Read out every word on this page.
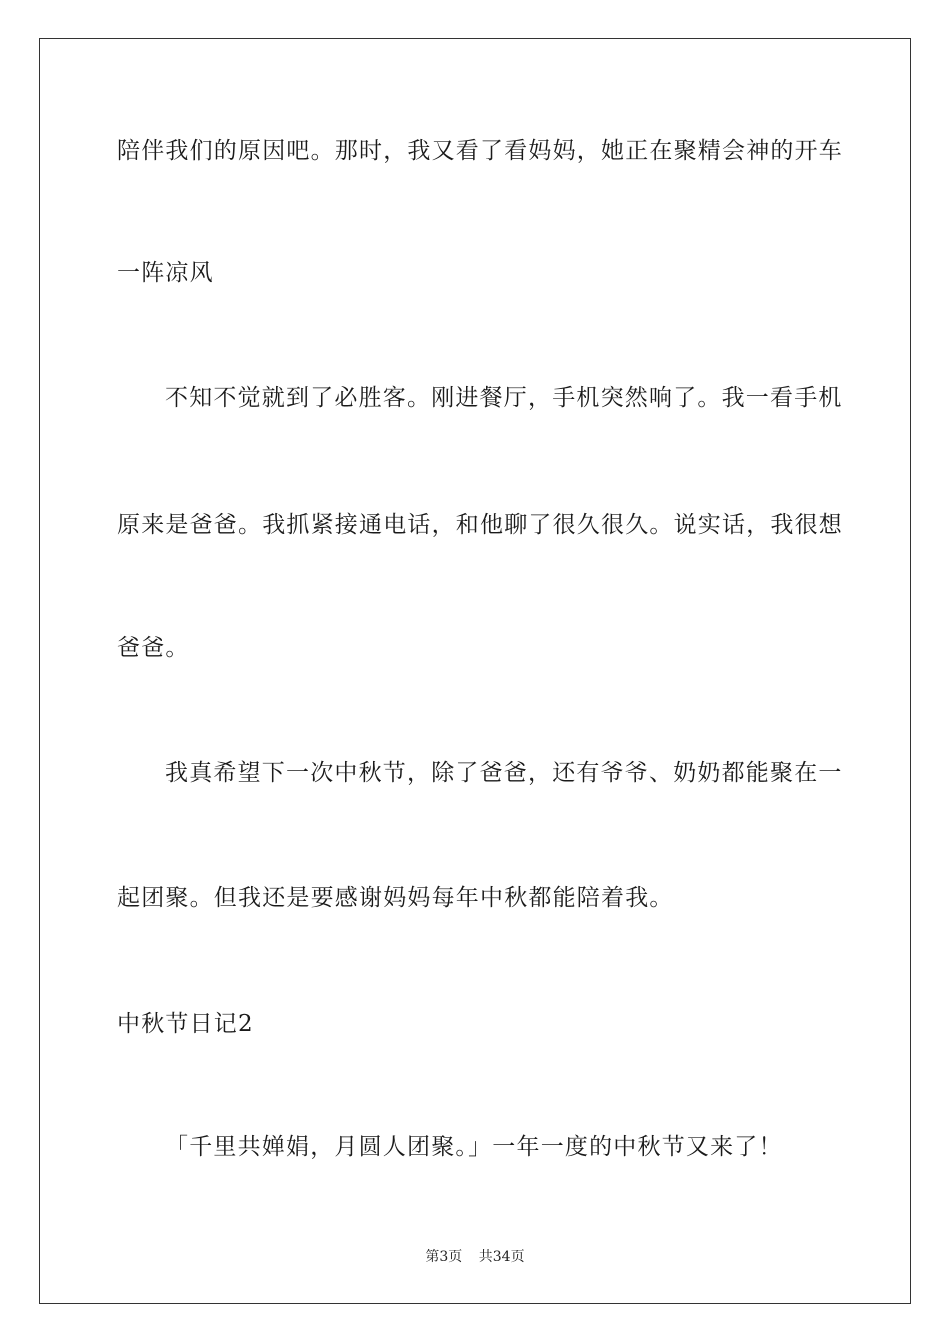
陪伴我们的原因吧。那时，我又看了看妈妈，她正在聚精会神的开车
一阵凉风
不知不觉就到了必胜客。刚进餐厅，手机突然响了。我一看手机
原来是爸爸。我抓紧接通电话，和他聊了很久很久。说实话，我很想
爸爸。
我真希望下一次中秋节，除了爸爸，还有爷爷、奶奶都能聚在一
起团聚。但我还是要感谢妈妈每年中秋都能陪着我。
中秋节日记2
「千里共婵娟，月圆人团聚。」一年一度的中秋节又来了！
第3页 共34页
